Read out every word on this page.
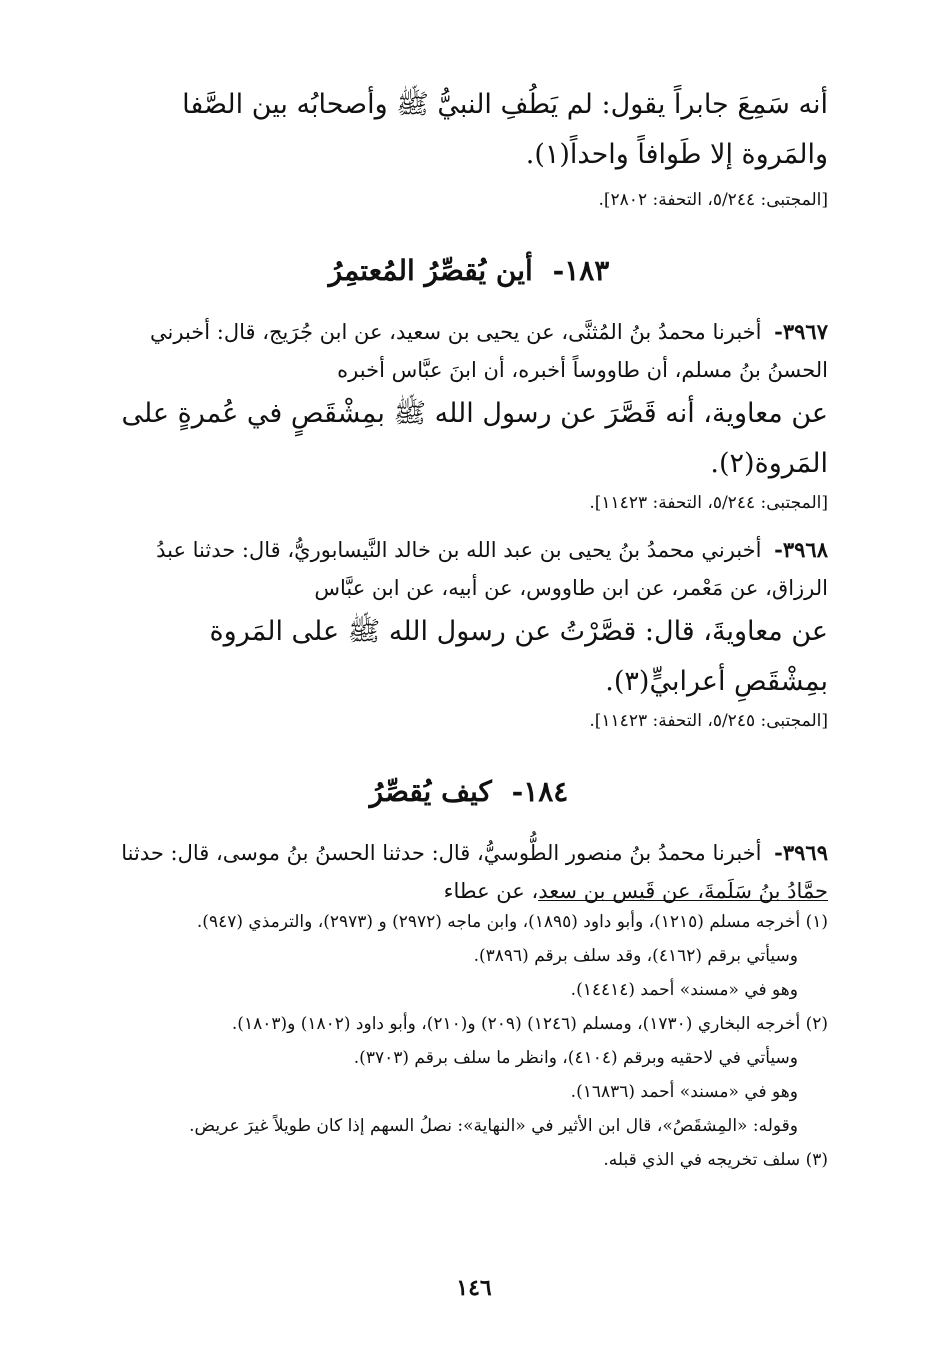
أنه سَمِعَ جابراً يقول: لم يَطُفِ النبيُّ ﷺ وأصحابُه بين الصَّفا والمَروة إلا طَوافاً واحداً(١).

[المجتبى: ٥/٢٤٤، التحفة: ٢٨٠٢].

١٨٣- أين يُقصِّرُ المُعتمِرُ

٣٩٦٧- أخبرنا محمدُ بنُ المُثنَّى، عن يحيى بن سعيد، عن ابن جُرَيج، قال: أخبرني الحسنُ بنُ مسلم، أن طاووساً أخبره، أن ابنَ عبَّاس أخبره

عن معاوية، أنه قَصَّرَ عن رسول الله ﷺ بمِشْقَصٍ في عُمرةٍ على المَروة(٢).

[المجتبى: ٥/٢٤٤، التحفة: ١١٤٢٣].

٣٩٦٨- أخبرني محمدُ بنُ يحيى بن عبد الله بن خالد النَّيسابوريُّ، قال: حدثنا عبدُ الرزاق، عن مَعْمر، عن ابن طاووس، عن أبيه، عن ابن عبَّاس

عن معاويةَ، قال: قصَّرْتُ عن رسول الله ﷺ على المَروة بمِشْقَصِ أعرابيٍّ(٣).

[المجتبى: ٥/٢٤٥، التحفة: ١١٤٢٣].

١٨٤- كيف يُقصِّرُ

٣٩٦٩- أخبرنا محمدُ بنُ منصور الطُّوسيُّ، قال: حدثنا الحسنُ بنُ موسى، قال: حدثنا حمَّادُ بنُ سَلَمةَ، عن قَيس بن سعد، عن عطاء

(١) أخرجه مسلم (١٢١٥)، وأبو داود (١٨٩٥)، وابن ماجه (٢٩٧٢) و (٢٩٧٣)، والترمذي (٩٤٧).

وسيأتي برقم (٤١٦٢)، وقد سلف برقم (٣٨٩٦).

وهو في «مسند» أحمد (١٤٤١٤).

(٢) أخرجه البخاري (١٧٣٠)، ومسلم (١٢٤٦) (٢٠٩) و(٢١٠)، وأبو داود (١٨٠٢) و(١٨٠٣).

وسيأتي في لاحقيه وبرقم (٤١٠٤)، وانظر ما سلف برقم (٣٧٠٣).

وهو في «مسند» أحمد (١٦٨٣٦).

وقوله: «المِشقَصُ»، قال ابن الأثير في «النهاية»: نصلُ السهم إذا كان طويلاً غيرَ عريض.

(٣) سلف تخريجه في الذي قبله.

١٤٦
